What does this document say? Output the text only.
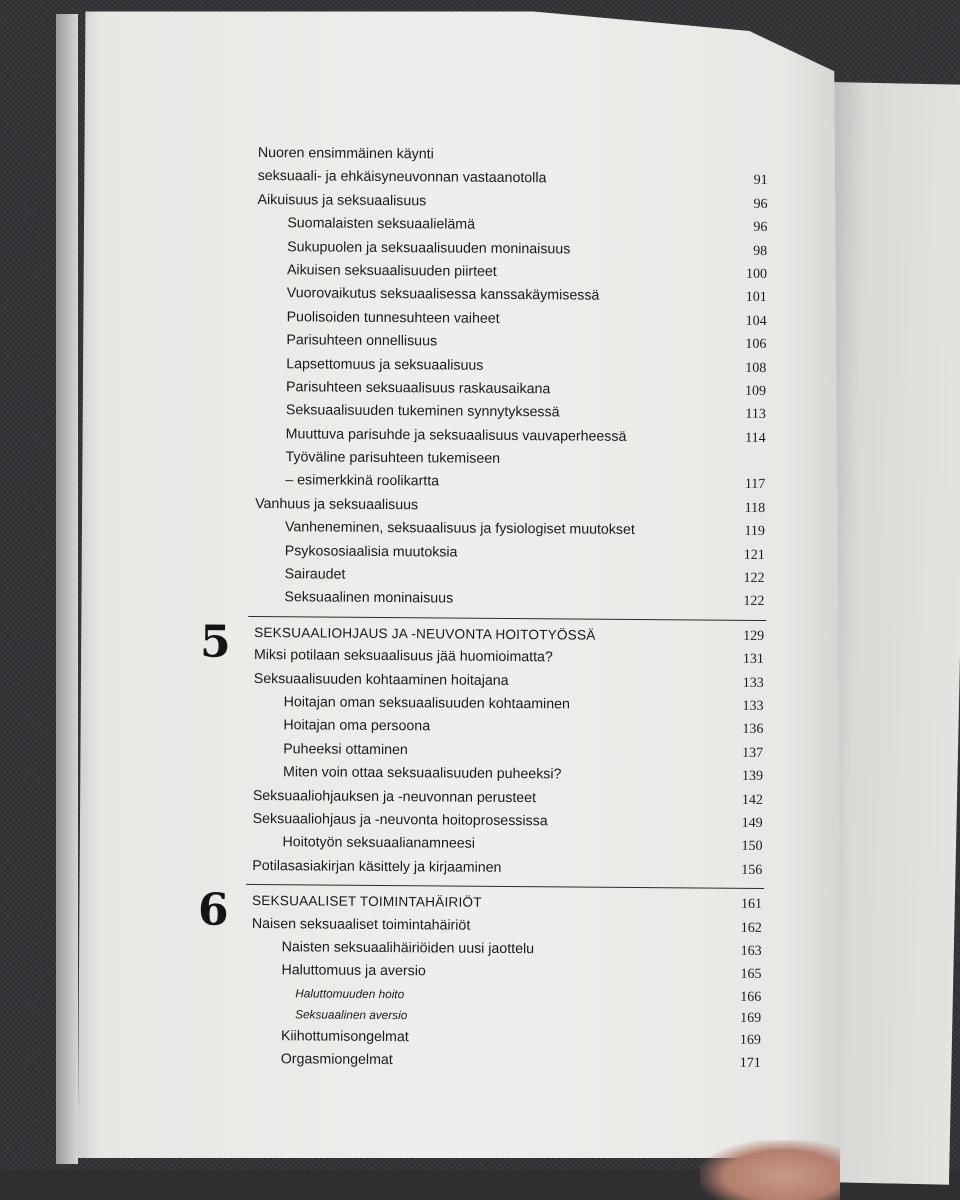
Nuoren ensimmäinen käynti
seksuaali- ja ehkäisyneuvonnan vastaanotolla	91
Aikuisuus ja seksuaalisuus	96
Suomalaisten seksuaalielämä	96
Sukupuolen ja seksuaalisuuden moninaisuus	98
Aikuisen seksuaalisuuden piirteet	100
Vuorovaikutus seksuaalisessa kanssakäymisessä	101
Puolisoiden tunnesuhteen vaiheet	104
Parisuhteen onnellisuus	106
Lapsettomuus ja seksuaalisuus	108
Parisuhteen seksuaalisuus raskausaikana	109
Seksuaalisuuden tukeminen synnytyksessä	113
Muuttuva parisuhde ja seksuaalisuus vauvaperheessä	114
Työväline parisuhteen tukemiseen
– esimerkkinä roolikartta	117
Vanhuus ja seksuaalisuus	118
Vanheneminen, seksuaalisuus ja fysiologiset muutokset	119
Psykososiaalisia muutoksia	121
Sairaudet	122
Seksuaalinen moninaisuus	122
5 SEKSUAALIOHJAUS JA -NEUVONTA HOITOTYÖSSÄ	129
Miksi potilaan seksuaalisuus jää huomioimatta?	131
Seksuaalisuuden kohtaaminen hoitajana	133
Hoitajan oman seksuaalisuuden kohtaaminen	133
Hoitajan oma persoona	136
Puheeksi ottaminen	137
Miten voin ottaa seksuaalisuuden puheeksi?	139
Seksuaaliohjauksen ja -neuvonnan perusteet	142
Seksuaaliohjaus ja -neuvonta hoitoprosessissa	149
Hoitotyön seksuaalianamneesi	150
Potilasasiakirjan käsittely ja kirjaaminen	156
6 SEKSUAALISET TOIMINTAHÄIRIÖT	161
Naisen seksuaaliset toimintahäiriöt	162
Naisten seksuaalihäiriöiden uusi jaottelu	163
Haluttomuus ja aversio	165
Haluttomuuden hoito	166
Seksuaalinen aversio	169
Kiihottumisongelmat	169
Orgasmiongelmat	171
